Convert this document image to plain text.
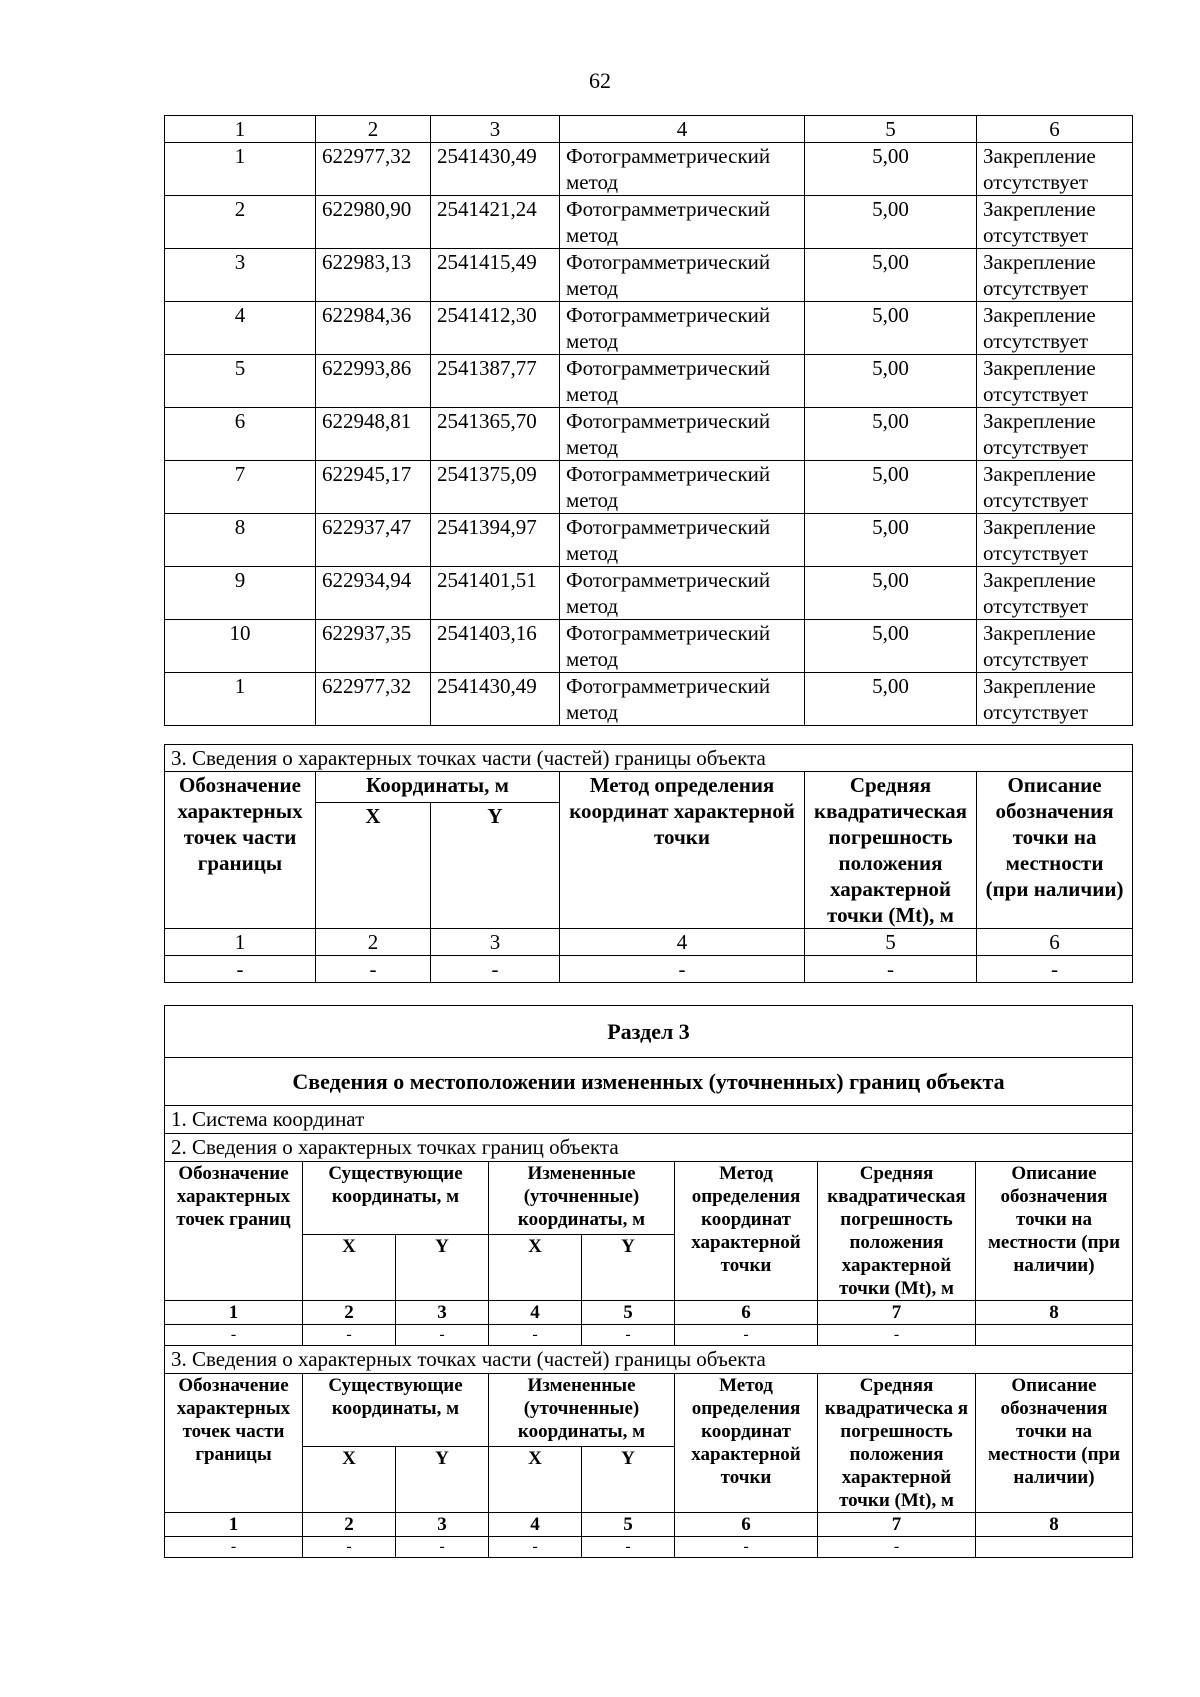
62
1	2	3	4	5	6
1	622977,32	2541430,49	Фотограмметрический метод	5,00	Закрепление отсутствует
2	622980,90	2541421,24	Фотограмметрический метод	5,00	Закрепление отсутствует
3	622983,13	2541415,49	Фотограмметрический метод	5,00	Закрепление отсутствует
4	622984,36	2541412,30	Фотограмметрический метод	5,00	Закрепление отсутствует
5	622993,86	2541387,77	Фотограмметрический метод	5,00	Закрепление отсутствует
6	622948,81	2541365,70	Фотограмметрический метод	5,00	Закрепление отсутствует
7	622945,17	2541375,09	Фотограмметрический метод	5,00	Закрепление отсутствует
8	622937,47	2541394,97	Фотограмметрический метод	5,00	Закрепление отсутствует
9	622934,94	2541401,51	Фотограмметрический метод	5,00	Закрепление отсутствует
10	622937,35	2541403,16	Фотограмметрический метод	5,00	Закрепление отсутствует
1	622977,32	2541430,49	Фотограмметрический метод	5,00	Закрепление отсутствует
3. Сведения о характерных точках части (частей) границы объекта					
Обозначение характерных точек части границы	Координаты, м		Метод определения координат характерной точки	Средняя квадратическая погрешность положения характерной точки (Mt), м	Описание обозначения точки на местности (при наличии)
	X	Y			
1	2	3	4	5	6
-	-	-	-	-	-
Раздел 3							
Сведения о местоположении измененных (уточненных) границ объекта							
1. Система координат							
2. Сведения о характерных точках границ объекта							
Обозначение характерных точек границ	Существующие координаты, м		Измененные (уточненные) координаты, м		Метод определения координат характерной точки	Средняя квадратическая погрешность положения характерной точки (Mt), м	Описание обозначения точки на местности (при наличии)
	X	Y	X	Y			
1	2	3	4	5	6	7	8
-	-	-	-	-	-	-	
3. Сведения о характерных точках части (частей) границы объекта							
Обозначение характерных точек части границы	Существующие координаты, м		Измененные (уточненные) координаты, м		Метод определения координат характерной точки	Средняя квадратическа я погрешность положения характерной точки (Mt), м	Описание обозначения точки на местности (при наличии)
	X	Y	X	Y			
1	2	3	4	5	6	7	8
-	-	-	-	-	-	-	
